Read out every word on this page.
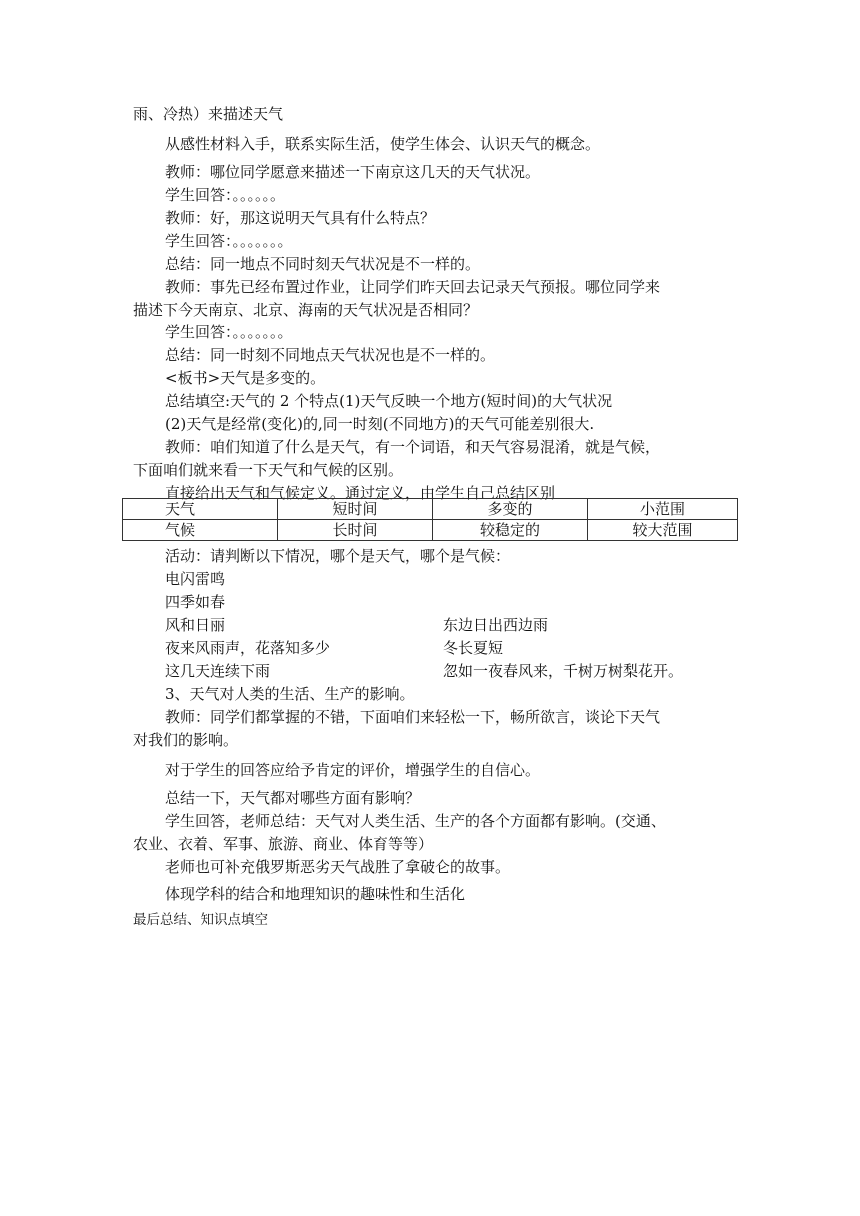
雨、冷热）来描述天气
从感性材料入手，联系实际生活，使学生体会、认识天气的概念。
教师：哪位同学愿意来描述一下南京这几天的天气状况。
学生回答：。。。。。。
教师：好，那这说明天气具有什么特点？
学生回答：。。。。。。。
总结：同一地点不同时刻天气状况是不一样的。
教师：事先已经布置过作业，让同学们昨天回去记录天气预报。哪位同学来
描述下今天南京、北京、海南的天气状况是否相同？
学生回答：。。。。。。。
总结：同一时刻不同地点天气状况也是不一样的。
<板书>天气是多变的。
总结填空:天气的 2 个特点(1)天气反映一个地方(短时间)的大气状况
(2)天气是经常(变化)的,同一时刻(不同地方)的天气可能差别很大.
教师：咱们知道了什么是天气，有一个词语，和天气容易混淆，就是气候，
下面咱们就来看一下天气和气候的区别。
直接给出天气和气候定义。通过定义，由学生自己总结区别
天气	短时间	多变的	小范围
气候	长时间	较稳定的	较大范围
活动：请判断以下情况，哪个是天气，哪个是气候：
电闪雷鸣
四季如春
风和日丽	东边日出西边雨
夜来风雨声，花落知多少	冬长夏短
这几天连续下雨	忽如一夜春风来，千树万树梨花开。
3、天气对人类的生活、生产的影响。
教师：同学们都掌握的不错，下面咱们来轻松一下，畅所欲言，谈论下天气
对我们的影响。
对于学生的回答应给予肯定的评价，增强学生的自信心。
总结一下，天气都对哪些方面有影响？
学生回答，老师总结：天气对人类生活、生产的各个方面都有影响。(交通、
农业、衣着、军事、旅游、商业、体育等等）
老师也可补充俄罗斯恶劣天气战胜了拿破仑的故事。
体现学科的结合和地理知识的趣味性和生活化
最后总结、知识点填空
